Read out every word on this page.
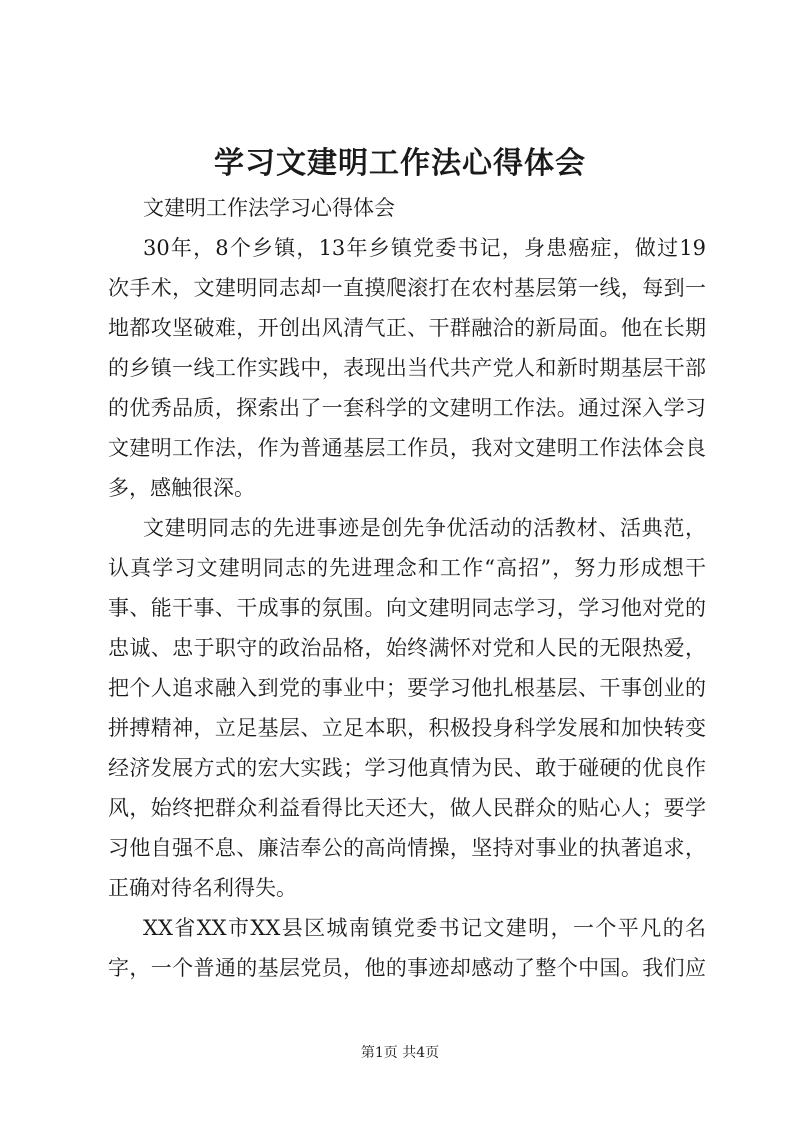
学习文建明工作法心得体会
文建明工作法学习心得体会
30年，8个乡镇，13年乡镇党委书记，身患癌症，做过19
次手术，文建明同志却一直摸爬滚打在农村基层第一线，每到一
地都攻坚破难，开创出风清气正、干群融洽的新局面。他在长期
的乡镇一线工作实践中，表现出当代共产党人和新时期基层干部
的优秀品质，探索出了一套科学的文建明工作法。通过深入学习
文建明工作法，作为普通基层工作员，我对文建明工作法体会良
多，感触很深。
文建明同志的先进事迹是创先争优活动的活教材、活典范，
认真学习文建明同志的先进理念和工作“高招”，努力形成想干
事、能干事、干成事的氛围。向文建明同志学习，学习他对党的
忠诚、忠于职守的政治品格，始终满怀对党和人民的无限热爱，
把个人追求融入到党的事业中；要学习他扎根基层、干事创业的
拼搏精神，立足基层、立足本职，积极投身科学发展和加快转变
经济发展方式的宏大实践；学习他真情为民、敢于碰硬的优良作
风，始终把群众利益看得比天还大，做人民群众的贴心人；要学
习他自强不息、廉洁奉公的高尚情操，坚持对事业的执著追求，
正确对待名利得失。
XX省XX市XX县区城南镇党委书记文建明，一个平凡的名
字，一个普通的基层党员，他的事迹却感动了整个中国。我们应
第1页 共4页
